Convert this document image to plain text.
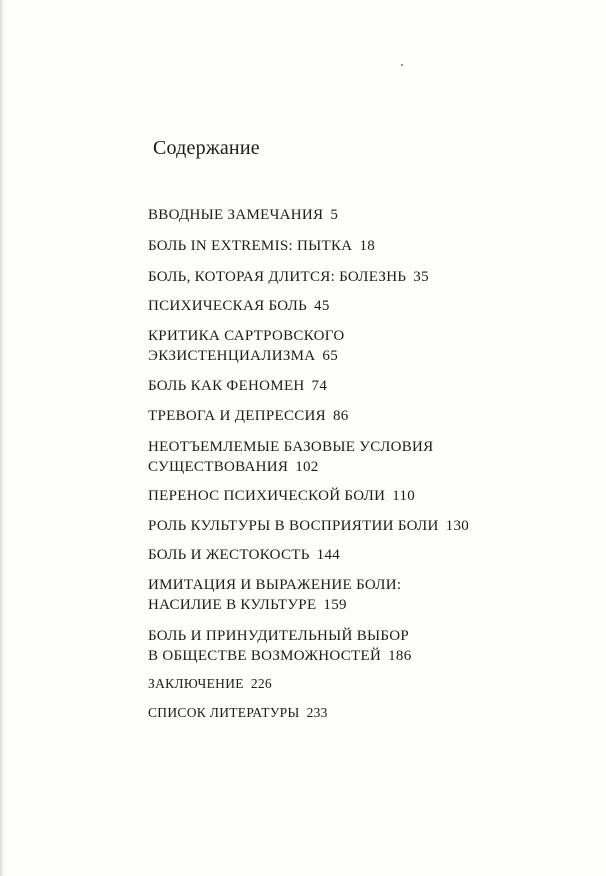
Содержание
ВВОДНЫЕ ЗАМЕЧАНИЯ 5
БОЛЬ IN EXTREMIS: ПЫТКА 18
БОЛЬ, КОТОРАЯ ДЛИТСЯ: БОЛЕЗНЬ 35
ПСИХИЧЕСКАЯ БОЛЬ 45
КРИТИКА САРТРОВСКОГО
ЭКЗИСТЕНЦИАЛИЗМА 65
БОЛЬ КАК ФЕНОМЕН 74
ТРЕВОГА И ДЕПРЕССИЯ 86
НЕОТЪЕМЛЕМЫЕ БАЗОВЫЕ УСЛОВИЯ
СУЩЕСТВОВАНИЯ 102
ПЕРЕНОС ПСИХИЧЕСКОЙ БОЛИ 110
РОЛЬ КУЛЬТУРЫ В ВОСПРИЯТИИ БОЛИ 130
БОЛЬ И ЖЕСТОКОСТЬ 144
ИМИТАЦИЯ И ВЫРАЖЕНИЕ БОЛИ:
НАСИЛИЕ В КУЛЬТУРЕ 159
БОЛЬ И ПРИНУДИТЕЛЬНЫЙ ВЫБОР
В ОБЩЕСТВЕ ВОЗМОЖНОСТЕЙ 186
ЗАКЛЮЧЕНИЕ 226
СПИСОК ЛИТЕРАТУРЫ 233
